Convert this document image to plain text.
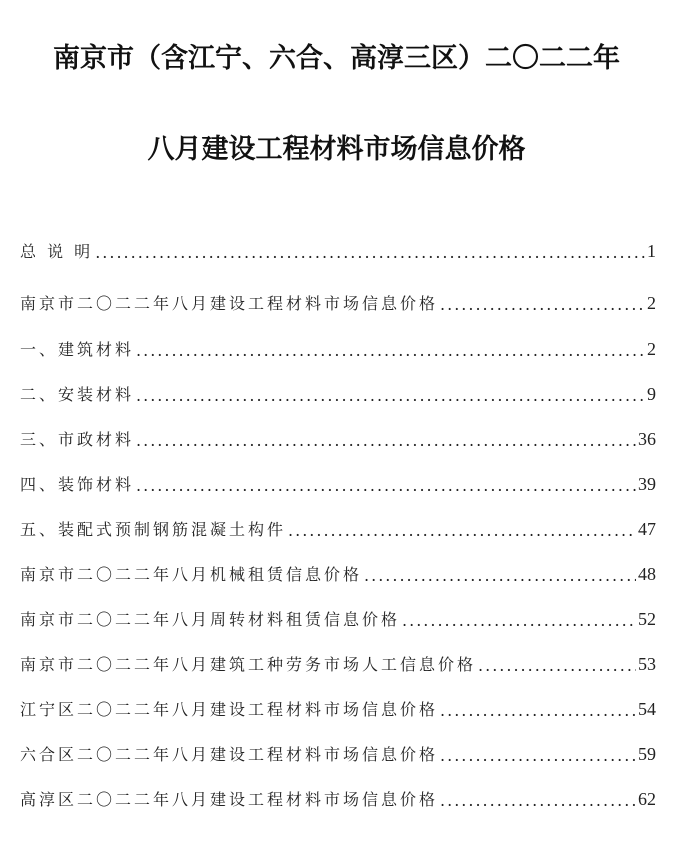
南京市（含江宁、六合、高淳三区）二〇二二年
八月建设工程材料市场信息价格
总 说 明 .....	1
南京市二〇二二年八月建设工程材料市场信息价格 .....	2
一、建筑材料 .....	2
二、安装材料 .....	9
三、市政材料 .....	36
四、装饰材料 .....	39
五、装配式预制钢筋混凝土构件 .....	47
南京市二〇二二年八月机械租赁信息价格 .....	48
南京市二〇二二年八月周转材料租赁信息价格 .....	52
南京市二〇二二年八月建筑工种劳务市场人工信息价格 .....	53
江宁区二〇二二年八月建设工程材料市场信息价格 .....	54
六合区二〇二二年八月建设工程材料市场信息价格 .....	59
高淳区二〇二二年八月建设工程材料市场信息价格 .....	62
